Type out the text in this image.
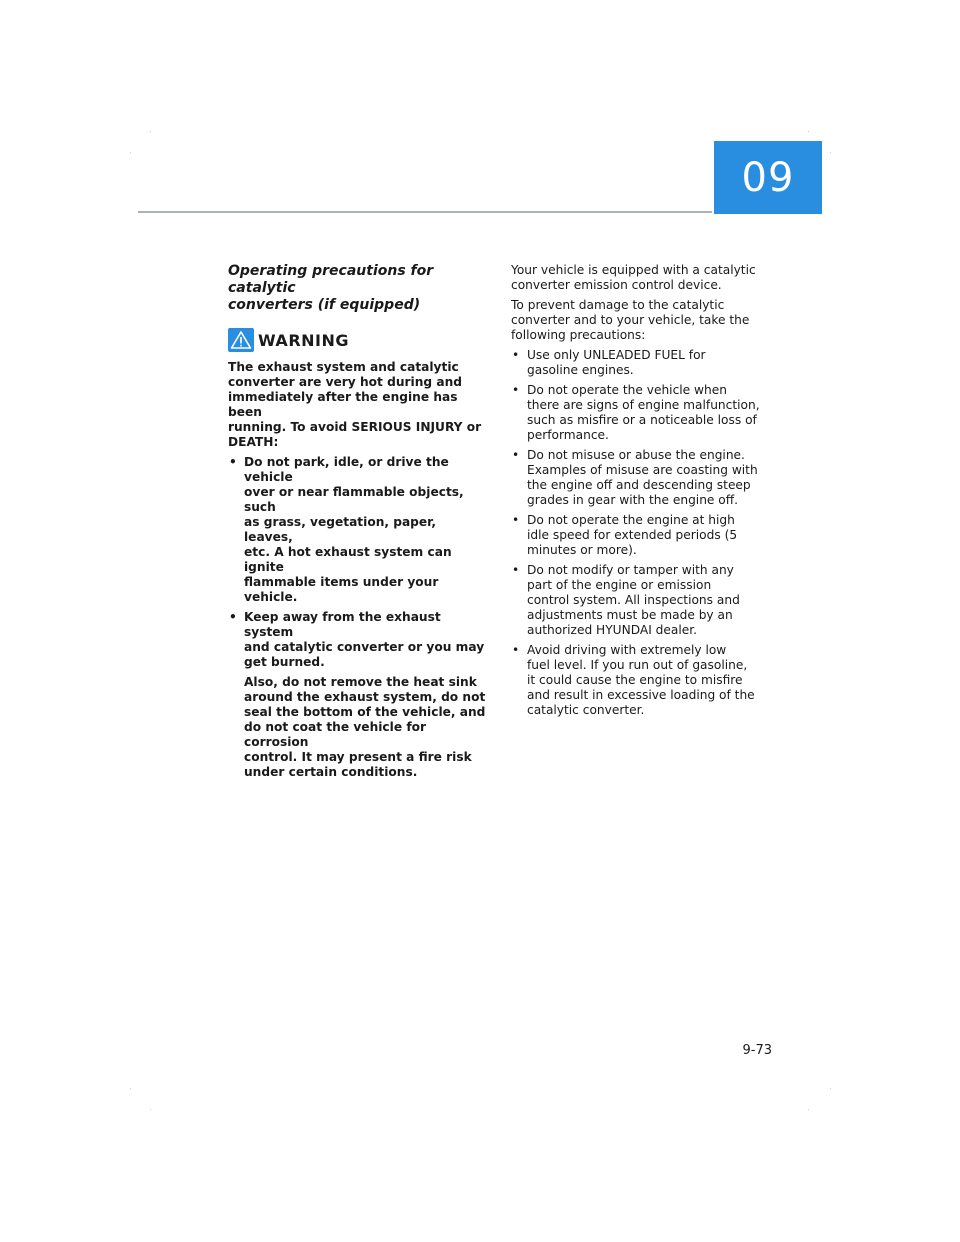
09
Operating precautions for catalytic
converters (if equipped)
WARNING

The exhaust system and catalytic
converter are very hot during and
immediately after the engine has been
running. To avoid SERIOUS INJURY or
DEATH:

• Do not park, idle, or drive the vehicle
over or near flammable objects, such
as grass, vegetation, paper, leaves,
etc. A hot exhaust system can ignite
flammable items under your vehicle.
• Keep away from the exhaust system
and catalytic converter or you may
get burned.
Also, do not remove the heat sink
around the exhaust system, do not
seal the bottom of the vehicle, and
do not coat the vehicle for corrosion
control. It may present a fire risk
under certain conditions.

Your vehicle is equipped with a catalytic
converter emission control device.

To prevent damage to the catalytic
converter and to your vehicle, take the
following precautions:

• Use only UNLEADED FUEL for
gasoline engines.
• Do not operate the vehicle when
there are signs of engine malfunction,
such as misfire or a noticeable loss of
performance.
• Do not misuse or abuse the engine.
Examples of misuse are coasting with
the engine off and descending steep
grades in gear with the engine off.
• Do not operate the engine at high
idle speed for extended periods (5
minutes or more).
• Do not modify or tamper with any
part of the engine or emission
control system. All inspections and
adjustments must be made by an
authorized HYUNDAI dealer.
• Avoid driving with extremely low
fuel level. If you run out of gasoline,
it could cause the engine to misfire
and result in excessive loading of the
catalytic converter.
9-73
